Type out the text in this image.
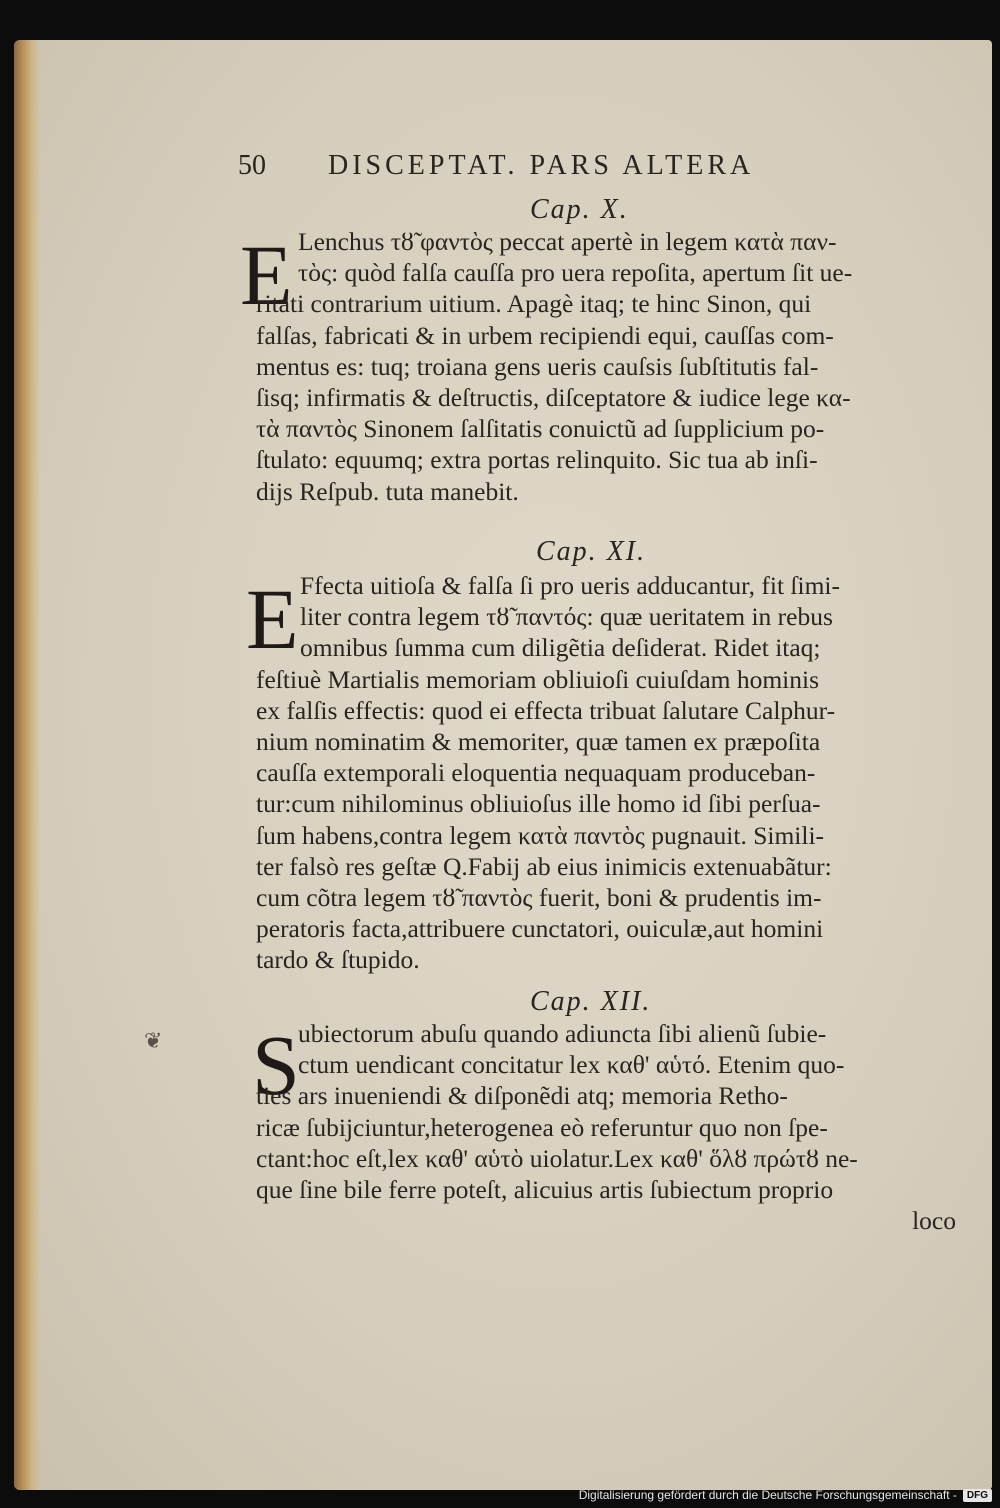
50 DISCEPTAT. PARS ALTERA
Cap. X.
E Lenchus τȣ̃ φαντὸς peccat apertè in legem κατὰ παν-
τὸς: quòd falſa cauſſa pro uera repoſita, apertum ſit ue-
ritati contrarium uitium. Apagè itaq; te hinc Sinon, qui
falſas, fabricati & in urbem recipiendi equi, cauſſas com-
mentus es: tuq; troiana gens ueris cauſsis ſubſtitutis fal-
ſisq; infirmatis & deſtructis, diſceptatore & iudice lege κα-
τὰ παντὸς Sinonem ſalſitatis conuictũ ad ſupplicium po-
ſtulato: equumq; extra portas relinquito. Sic tua ab inſi-
dijs Reſpub. tuta manebit.
Cap. XI.
E Ffecta uitioſa & falſa ſi pro ueris adducantur, fit ſimi-
liter contra legem τȣ̃ παντός: quæ ueritatem in rebus
omnibus ſumma cum diligẽtia deſiderat. Ridet itaq;
feſtiuè Martialis memoriam obliuioſi cuiuſdam hominis
ex falſis effectis: quod ei effecta tribuat ſalutare Calphur-
nium nominatim & memoriter, quæ tamen ex præpoſita
cauſſa extemporali eloquentia nequaquam produceban-
tur:cum nihilominus obliuioſus ille homo id ſibi perſua-
ſum habens,contra legem κατὰ παντὸς pugnauit. Simili-
ter falsò res geſtæ Q.Fabij ab eius inimicis extenuabãtur:
cum cõtra legem τȣ̃ παντὸς fuerit, boni & prudentis im-
peratoris facta,attribuere cunctatori, ouiculæ,aut homini
tardo & ſtupido.
Cap. XII.
S
ubiectorum abuſu quando adiuncta ſibi alienũ ſubie-
ctum uendicant concitatur lex καθ' αὑτό. Etenim quo-
ties ars inueniendi & diſponẽdi atq; memoria Retho-
ricæ ſubijciuntur,heterogenea eò referuntur quo non ſpe-
ctant:hoc eſt,lex καθ' αὑτὸ uiolatur.Lex καθ' ὅλȣ πρώτȣ ne-
que ſine bile ferre poteſt, alicuius artis ſubiectum proprio
loco
❦
Digitalisierung gefördert durch die Deutsche Forschungsgemeinschaft -	DFG
